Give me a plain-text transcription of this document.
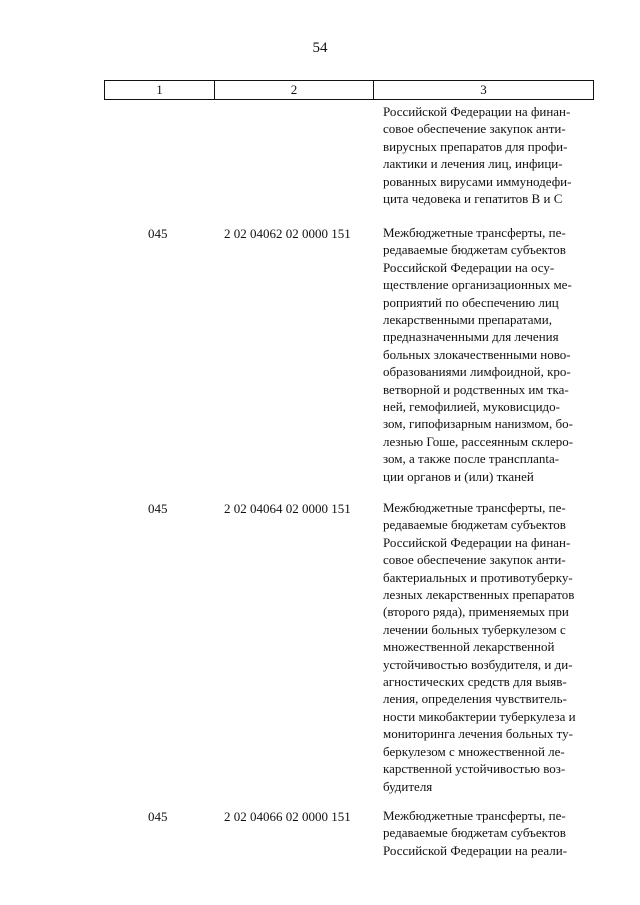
54
1	2	3
Российской Федерации на финан-
совое обеспечение закупок анти-
вирусных препаратов для профи-
лактики и лечения лиц, инфици-
рованных вирусами иммунодефи-
цита чедовека и гепатитов В и С
045	2 02 04062 02 0000 151 Межбюджетные трансферты, пе-
редаваемые бюджетам субъектов
Российской Федерации на осу-
ществление организационных ме-
роприятий по обеспечению лиц
лекарственными препаратами,
предназначенными для лечения
больных злокачественными ново-
образованиями лимфоидной, кро-
ветворной и родственных им тка-
ней, гемофилией, муковисцидо-
зом, гипофизарным нанизмом, бо-
лезнью Гоше, рассеянным склеро-
зом, а также после трансплanta-
ции органов и (или) тканей
045	2 02 04064 02 0000 151 Межбюджетные трансферты, пе-
редаваемые бюджетам субъектов
Российской Федерации на финан-
совое обеспечение закупок анти-
бактериальных и противотуберку-
лезных лекарственных препаратов
(второго ряда), применяемых при
лечении больных туберкулезом с
множественной лекарственной
устойчивостью возбудителя, и ди-
агностических средств для выяв-
ления, определения чувствитель-
ности микобактерии туберкулеза и
мониторинга лечения больных ту-
беркулезом с множественной ле-
карственной устойчивостью воз-
будителя
045	2 02 04066 02 0000 151 Межбюджетные трансферты, пе-
редаваемые бюджетам субъектов
Российской Федерации на реали-
